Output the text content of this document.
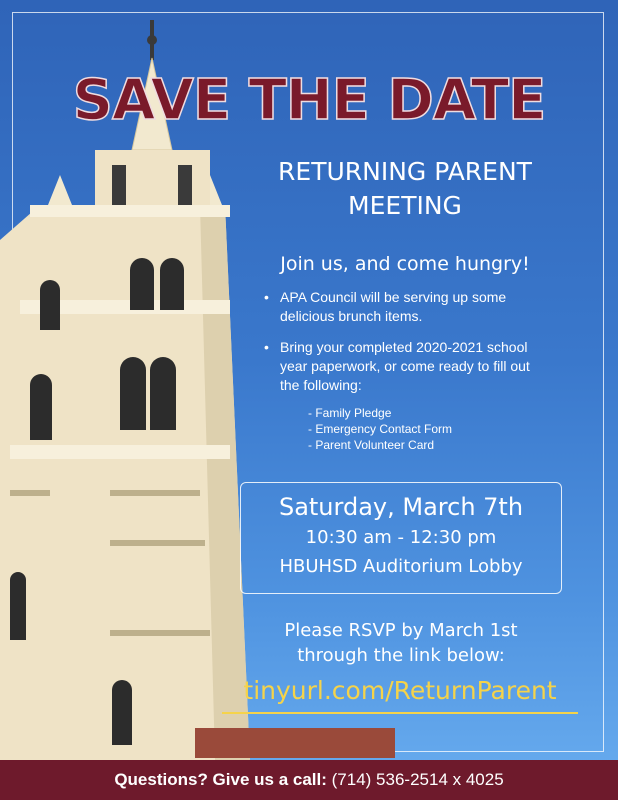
SAVE THE DATE
RETURNING PARENT
MEETING
Join us, and come hungry!
• APA Council will be serving up some delicious brunch items.
• Bring your completed 2020-2021 school year paperwork, or come ready to fill out the following:
- Family Pledge
- Emergency Contact Form
- Parent Volunteer Card
Saturday, March 7th
10:30 am - 12:30 pm
HBUHSD Auditorium Lobby
Please RSVP by March 1st
through the link below:
tinyurl.com/ReturnParent
Questions? Give us a call: (714) 536-2514 x 4025
